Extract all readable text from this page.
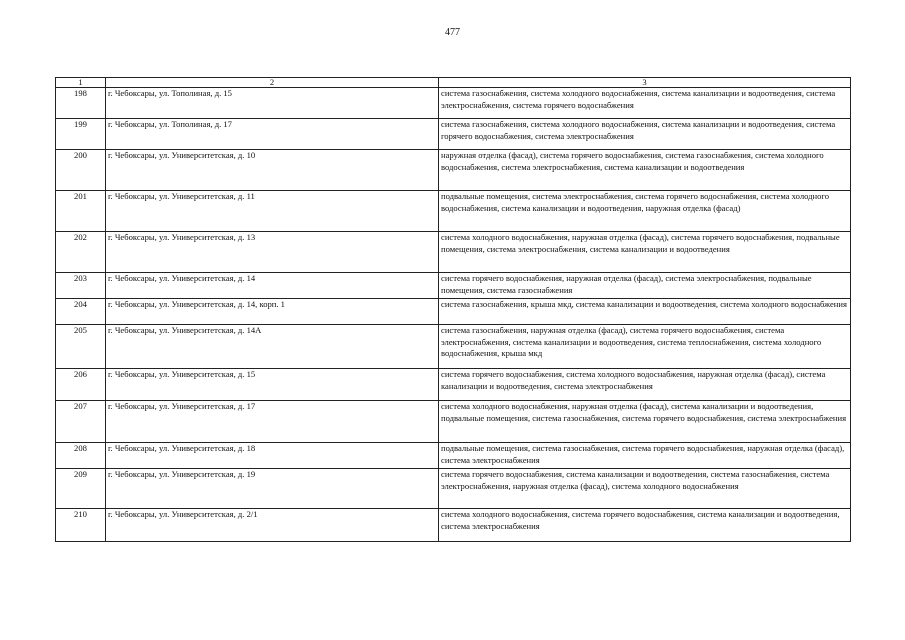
477
1	2	3
198	г. Чебоксары, ул. Тополиная, д. 15	система газоснабжения, система холодного водоснабжения, система канализации и водоотведения, система электроснабжения, система горячего водоснабжения
199	г. Чебоксары, ул. Тополиная, д. 17	система газоснабжения, система холодного водоснабжения, система канализации и водоотведения, система горячего водоснабжения, система электроснабжения
200	г. Чебоксары, ул. Университетская, д. 10	наружная отделка (фасад), система горячего водоснабжения, система газоснабжения, система холодного водоснабжения, система электроснабжения, система канализации и водоотведения
201	г. Чебоксары, ул. Университетская, д. 11	подвальные помещения, система электроснабжения, система горячего водоснабжения, система холодного водоснабжения, система канализации и водоотведения, наружная отделка (фасад)
202	г. Чебоксары, ул. Университетская, д. 13	система холодного водоснабжения, наружная отделка (фасад), система горячего водоснабжения, подвальные помещения, система электроснабжения, система канализации и водоотведения
203	г. Чебоксары, ул. Университетская, д. 14	система горячего водоснабжения, наружная отделка (фасад), система электроснабжения, подвальные помещения, система газоснабжения
204	г. Чебоксары, ул. Университетская, д. 14, корп. 1	система газоснабжения, крыша мкд, система канализации и водоотведения, система холодного водоснабжения
205	г. Чебоксары, ул. Университетская, д. 14А	система газоснабжения, наружная отделка (фасад), система горячего водоснабжения, система электроснабжения, система канализации и водоотведения, система теплоснабжения, система холодного водоснабжения, крыша мкд
206	г. Чебоксары, ул. Университетская, д. 15	система горячего водоснабжения, система холодного водоснабжения, наружная отделка (фасад), система канализации и водоотведения, система электроснабжения
207	г. Чебоксары, ул. Университетская, д. 17	система холодного водоснабжения, наружная отделка (фасад), система канализации и водоотведения, подвальные помещения, система газоснабжения, система горячего водоснабжения, система электроснабжения
208	г. Чебоксары, ул. Университетская, д. 18	подвальные помещения, система газоснабжения, система горячего водоснабжения, наружная отделка (фасад), система электроснабжения
209	г. Чебоксары, ул. Университетская, д. 19	система горячего водоснабжения, система канализации и водоотведения, система газоснабжения, система электроснабжения, наружная отделка (фасад), система холодного водоснабжения
210	г. Чебоксары, ул. Университетская, д. 2/1	система холодного водоснабжения, система горячего водоснабжения, система канализации и водоотведения, система электроснабжения
